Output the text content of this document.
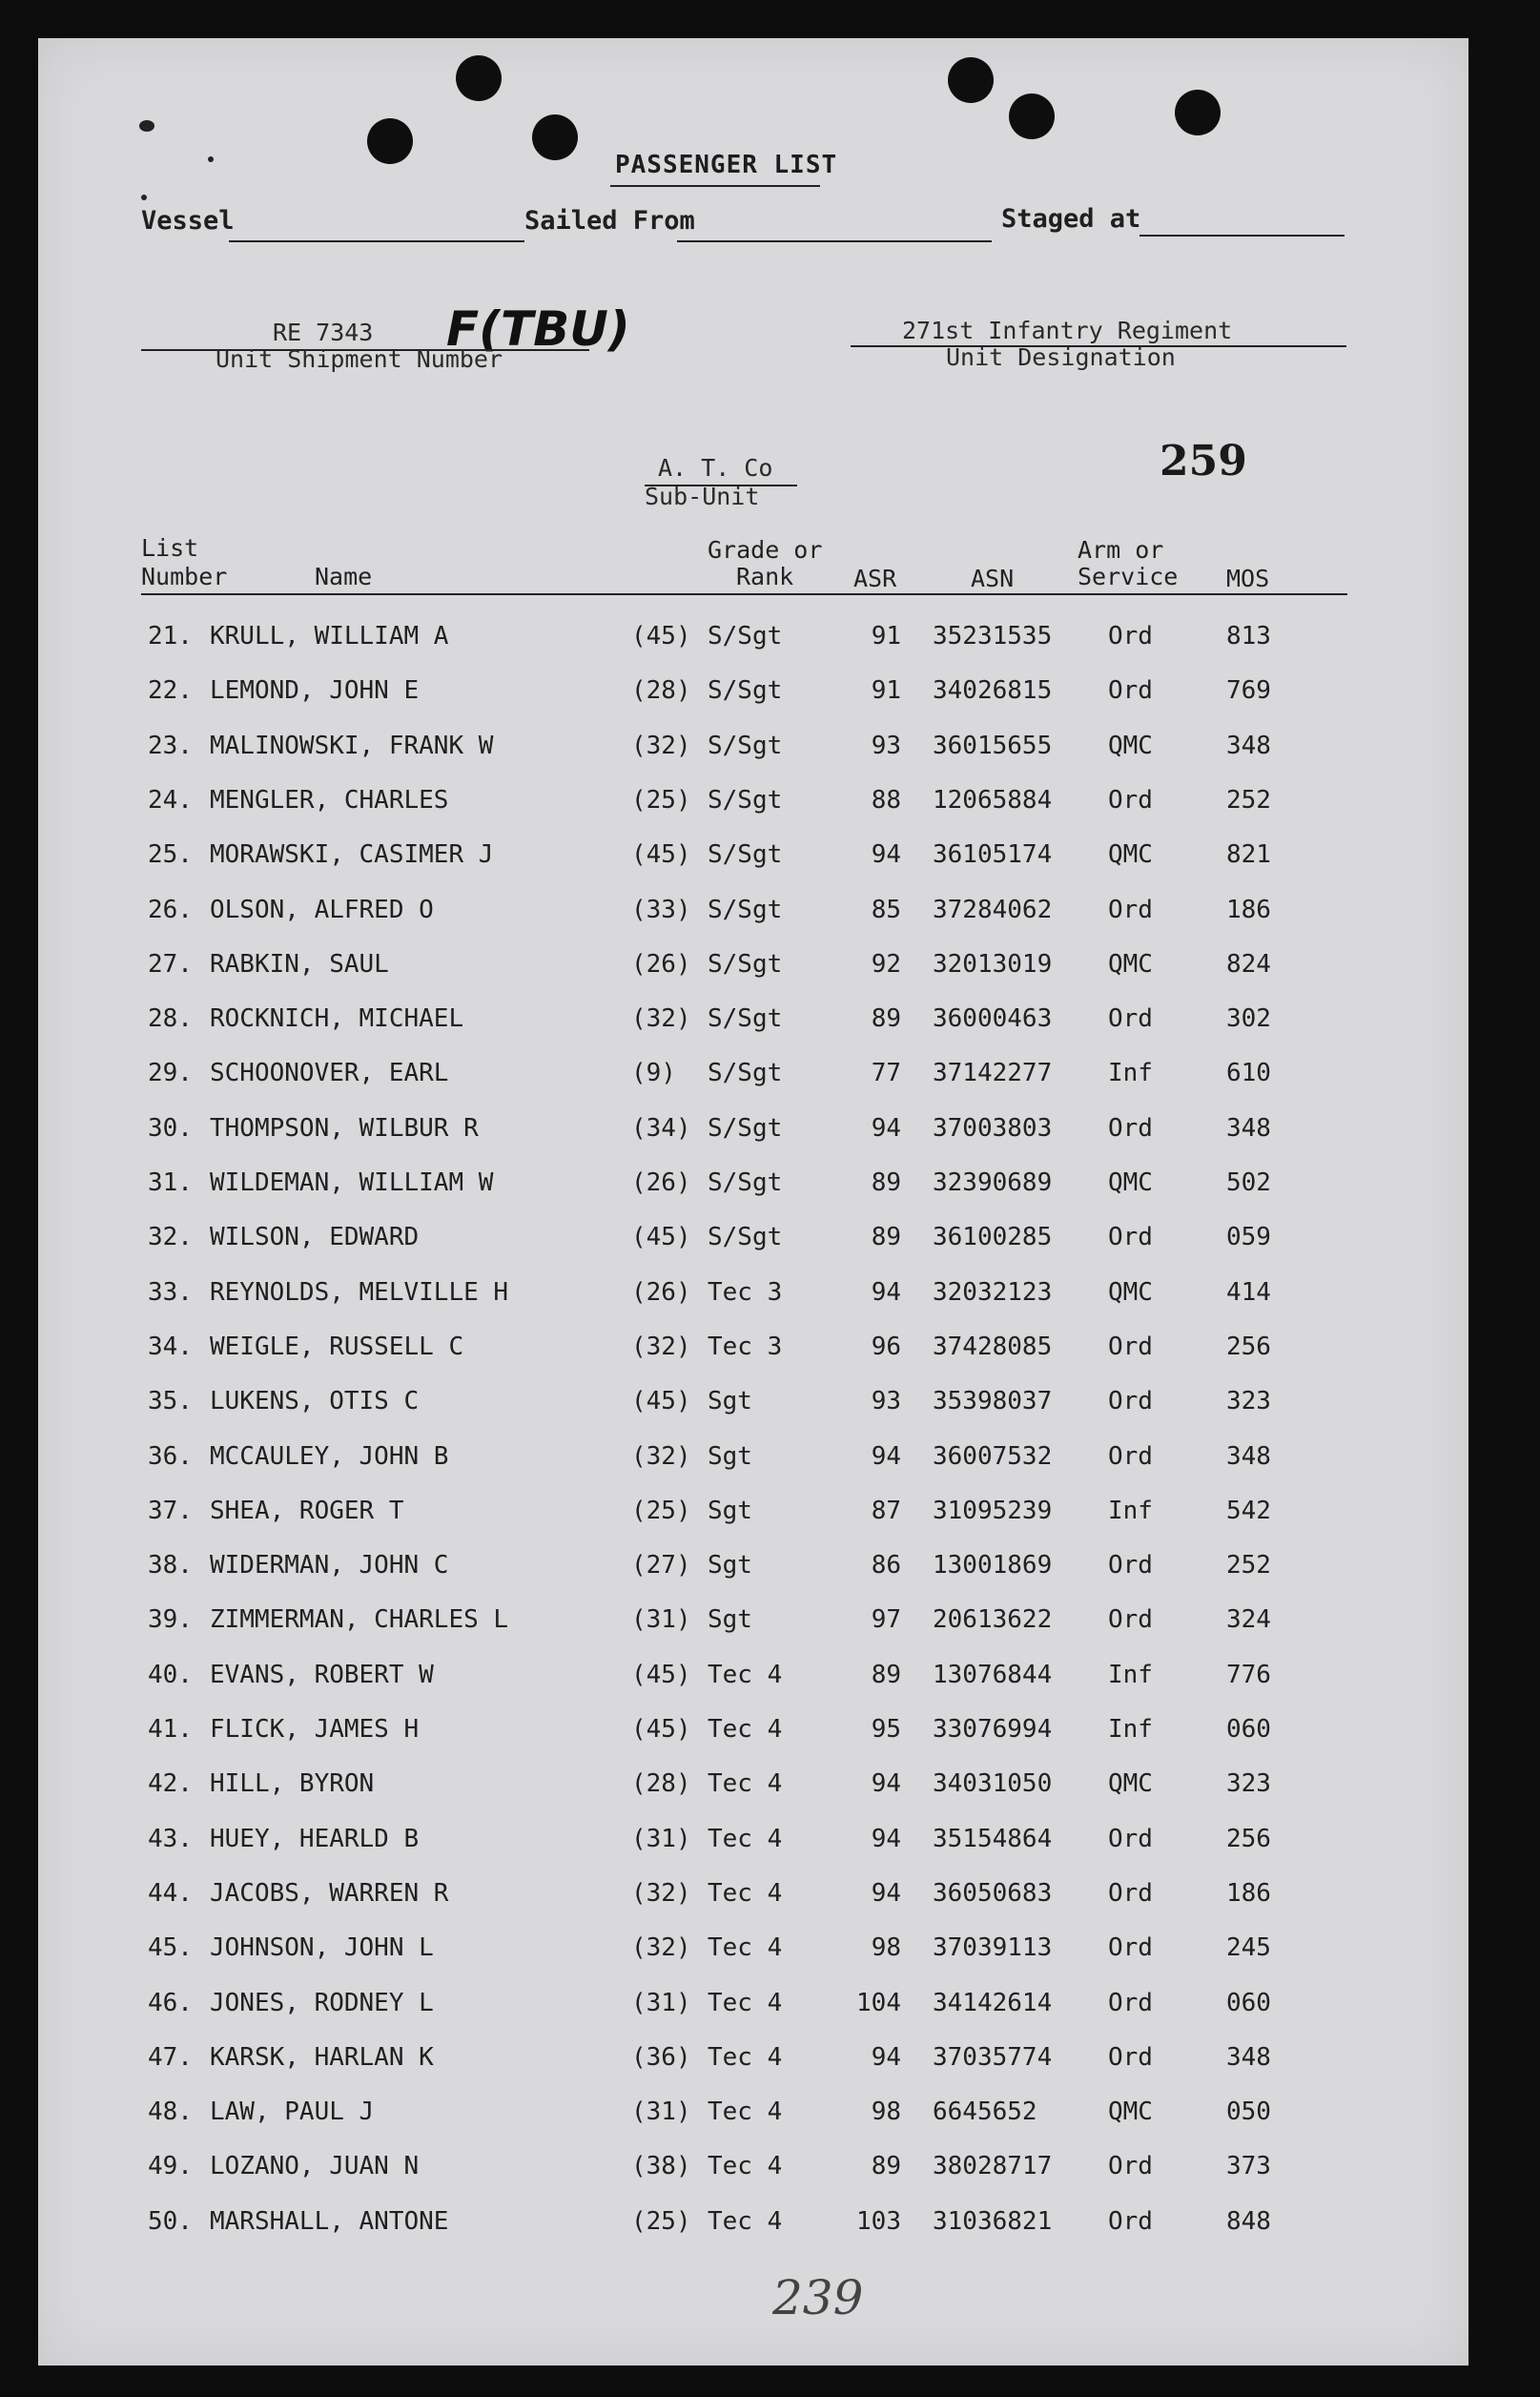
PASSENGER LIST
Vessel	Sailed From	Staged at
RE 7343 F(TBU)
Unit Shipment Number
271st Infantry Regiment
Unit Designation
A. T. Co
Sub-Unit
259
List
Number	Name
Grade or
Rank	ASR	ASN
Arm or
Service MOS
21. KRULL, WILLIAM A	(45) S/Sgt	91 35231535 Ord	813
22. LEMOND, JOHN E	(28) S/Sgt	91 34026815 Ord	769
23. MALINOWSKI, FRANK W	(32) S/Sgt	93 36015655 QMC	348
24. MENGLER, CHARLES	(25) S/Sgt	88 12065884 Ord	252
25. MORAWSKI, CASIMER J	(45) S/Sgt	94 36105174 QMC	821
26. OLSON, ALFRED O	(33) S/Sgt	85 37284062 Ord	186
27. RABKIN, SAUL	(26) S/Sgt	92 32013019 QMC	824
28. ROCKNICH, MICHAEL	(32) S/Sgt	89 36000463 Ord	302
29. SCHOONOVER, EARL	(9) S/Sgt	77 37142277 Inf	610
30. THOMPSON, WILBUR R	(34) S/Sgt	94 37003803 Ord	348
31. WILDEMAN, WILLIAM W	(26) S/Sgt	89 32390689 QMC	502
32. WILSON, EDWARD	(45) S/Sgt	89 36100285 Ord	059
33. REYNOLDS, MELVILLE H	(26) Tec 3	94 32032123 QMC	414
34. WEIGLE, RUSSELL C	(32) Tec 3	96 37428085 Ord	256
35. LUKENS, OTIS C	(45) Sgt	93 35398037 Ord	323
36. MCCAULEY, JOHN B	(32) Sgt	94 36007532 Ord	348
37. SHEA, ROGER T	(25) Sgt	87 31095239 Inf	542
38. WIDERMAN, JOHN C	(27) Sgt	86 13001869 Ord	252
39. ZIMMERMAN, CHARLES L	(31) Sgt	97 20613622 Ord	324
40. EVANS, ROBERT W	(45) Tec 4	89 13076844 Inf	776
41. FLICK, JAMES H	(45) Tec 4	95 33076994 Inf	060
42. HILL, BYRON	(28) Tec 4	94 34031050 QMC	323
43. HUEY, HEARLD B	(31) Tec 4	94 35154864 Ord	256
44. JACOBS, WARREN R	(32) Tec 4	94 36050683 Ord	186
45. JOHNSON, JOHN L	(32) Tec 4	98 37039113 Ord	245
46. JONES, RODNEY L	(31) Tec 4	104 34142614 Ord	060
47. KARSK, HARLAN K	(36) Tec 4	94 37035774 Ord	348
48. LAW, PAUL J	(31) Tec 4	98 6645652	QMC	050
49. LOZANO, JUAN N	(38) Tec 4	89 38028717 Ord	373
50. MARSHALL, ANTONE	(25) Tec 4	103 31036821 Ord	848
239
